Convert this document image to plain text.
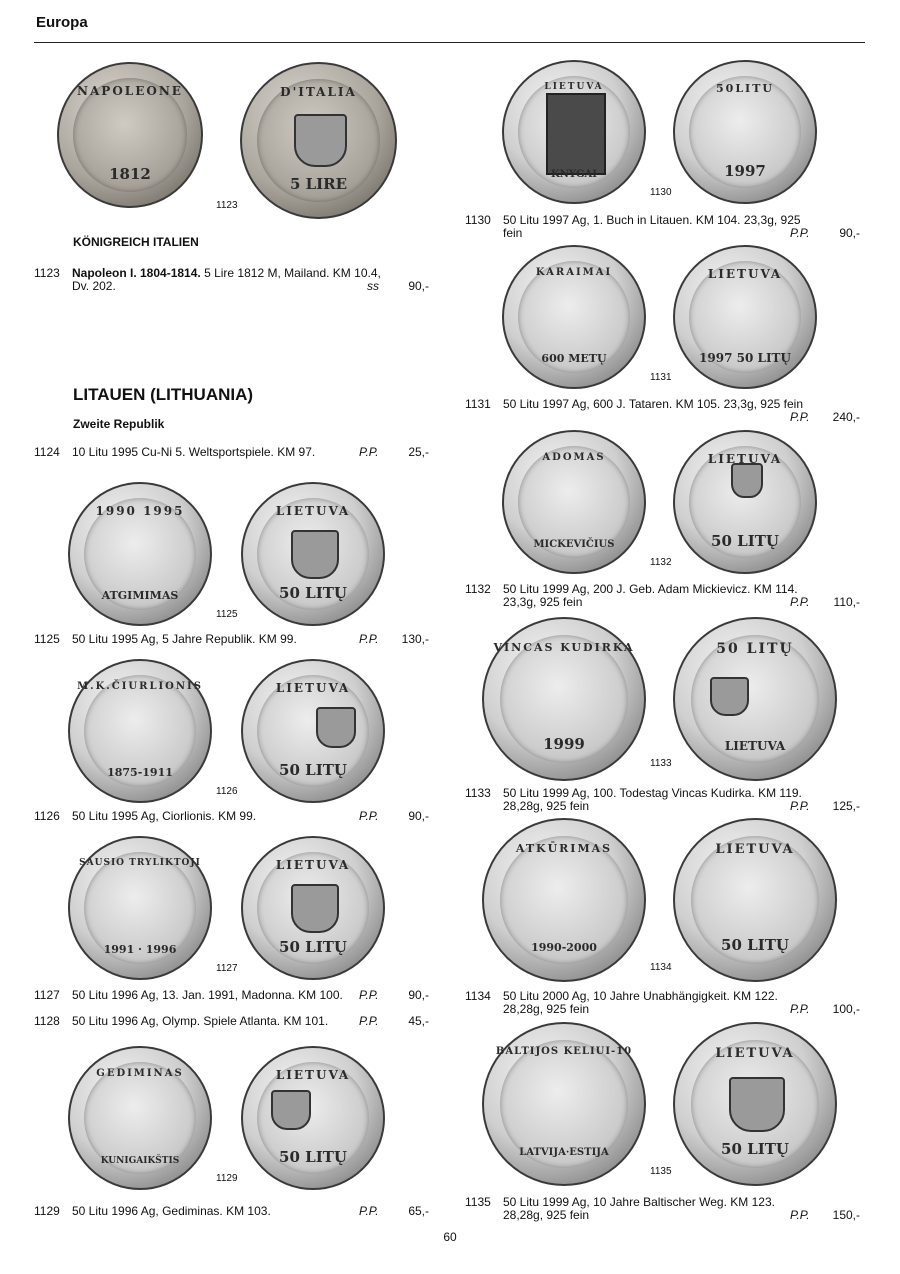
Europa
NAPOLEONE
1812
D'ITALIA
5 LIRE
1123
KÖNIGREICH ITALIEN
1123 Napoleon I. 1804-1814. 5 Lire 1812 M, Mailand. KM 10.4,
Dv. 202.	ss	90,-
LITAUEN (LITHUANIA)
Zweite Republik
1124 10 Litu 1995 Cu-Ni 5. Weltsportspiele. KM 97.	P.P.	25,-
1990 1995
ATGIMIMAS
LIETUVA
50 LITŲ
1125
1125 50 Litu 1995 Ag, 5 Jahre Republik. KM 99.	P.P.	130,-
M.K.ČIURLIONIS
1875-1911
LIETUVA
50 LITŲ
1126
1126 50 Litu 1995 Ag, Ciorlionis. KM 99.	P.P.	90,-
SAUSIO TRYLIKTOJI
1991 · 1996
LIETUVA
50 LITŲ
1127
1127 50 Litu 1996 Ag, 13. Jan. 1991, Madonna. KM 100. P.P.	90,-
1128 50 Litu 1996 Ag, Olymp. Spiele Atlanta. KM 101.	P.P.	45,-
GEDIMINAS
KUNIGAIKŠTIS
LIETUVA
50 LITŲ
1129
1129 50 Litu 1996 Ag, Gediminas. KM 103.	P.P.	65,-
LIETUVA
KNYGAI
50LITU
1997
1130
1130 50 Litu 1997 Ag, 1. Buch in Litauen. KM 104. 23,3g, 925
fein	P.P.	90,-
KARAIMAI
600 METŲ
LIETUVA
1997 50 LITŲ
1131
1131 50 Litu 1997 Ag, 600 J. Tataren. KM 105. 23,3g, 925 fein
P.P.	240,-
ADOMAS
MICKEVIČIUS
LIETUVA
50 LITŲ
1132
1132 50 Litu 1999 Ag, 200 J. Geb. Adam Mickievicz. KM 114.
23,3g, 925 fein	P.P.	110,-
VINCAS KUDIRKA
1999
50 LITŲ
LIETUVA
1133
1133 50 Litu 1999 Ag, 100. Todestag Vincas Kudirka. KM 119.
28,28g, 925 fein	P.P.	125,-
ATKŪRIMAS
1990-2000
LIETUVA
50 LITŲ
1134
1134 50 Litu 2000 Ag, 10 Jahre Unabhängigkeit. KM 122.
28,28g, 925 fein	P.P.	100,-
BALTIJOS KELIUI-10
LATVIJA·ESTIJA
LIETUVA
50 LITŲ
1135
1135 50 Litu 1999 Ag, 10 Jahre Baltischer Weg. KM 123.
28,28g, 925 fein	P.P.	150,-
60
